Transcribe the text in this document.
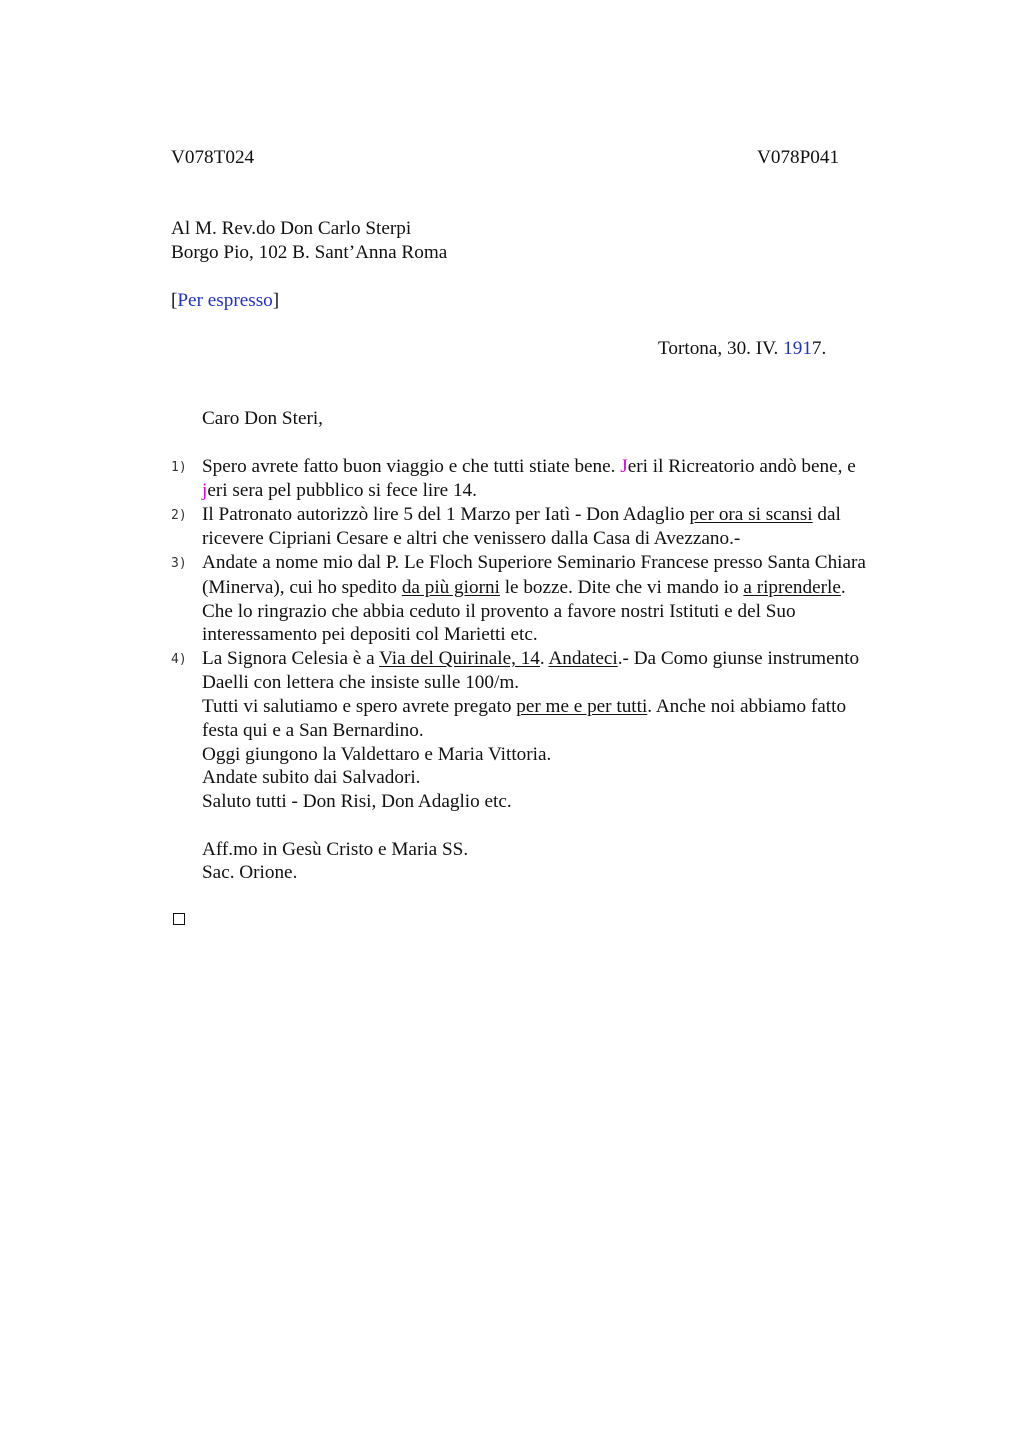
V078T024	V078P041
Al M. Rev.do Don Carlo Sterpi
Borgo Pio, 102 B. Sant’Anna Roma
[Per espresso]
Tortona, 30. IV. 1917.
Caro Don Steri,
1) Spero avrete fatto buon viaggio e che tutti stiate bene. Jeri il Ricreatorio andò bene, e
jeri sera pel pubblico si fece lire 14.
2) Il Patronato autorizzò lire 5 del 1 Marzo per Iatì - Don Adaglio per ora si scansi dal
ricevere Cipriani Cesare e altri che venissero dalla Casa di Avezzano.-
3) Andate a nome mio dal P. Le Floch Superiore Seminario Francese presso Santa Chiara
(Minerva), cui ho spedito da più giorni le bozze. Dite che vi mando io a riprenderle.
Che lo ringrazio che abbia ceduto il provento a favore nostri Istituti e del Suo
interessamento pei depositi col Marietti etc.
4) La Signora Celesia è a Via del Quirinale, 14. Andateci.- Da Como giunse instrumento
Daelli con lettera che insiste sulle 100/m.
Tutti vi salutiamo e spero avrete pregato per me e per tutti. Anche noi abbiamo fatto
festa qui e a San Bernardino.
Oggi giungono la Valdettaro e Maria Vittoria.
Andate subito dai Salvadori.
Saluto tutti - Don Risi, Don Adaglio etc.
Aff.mo in Gesù Cristo e Maria SS.
Sac. Orione.
